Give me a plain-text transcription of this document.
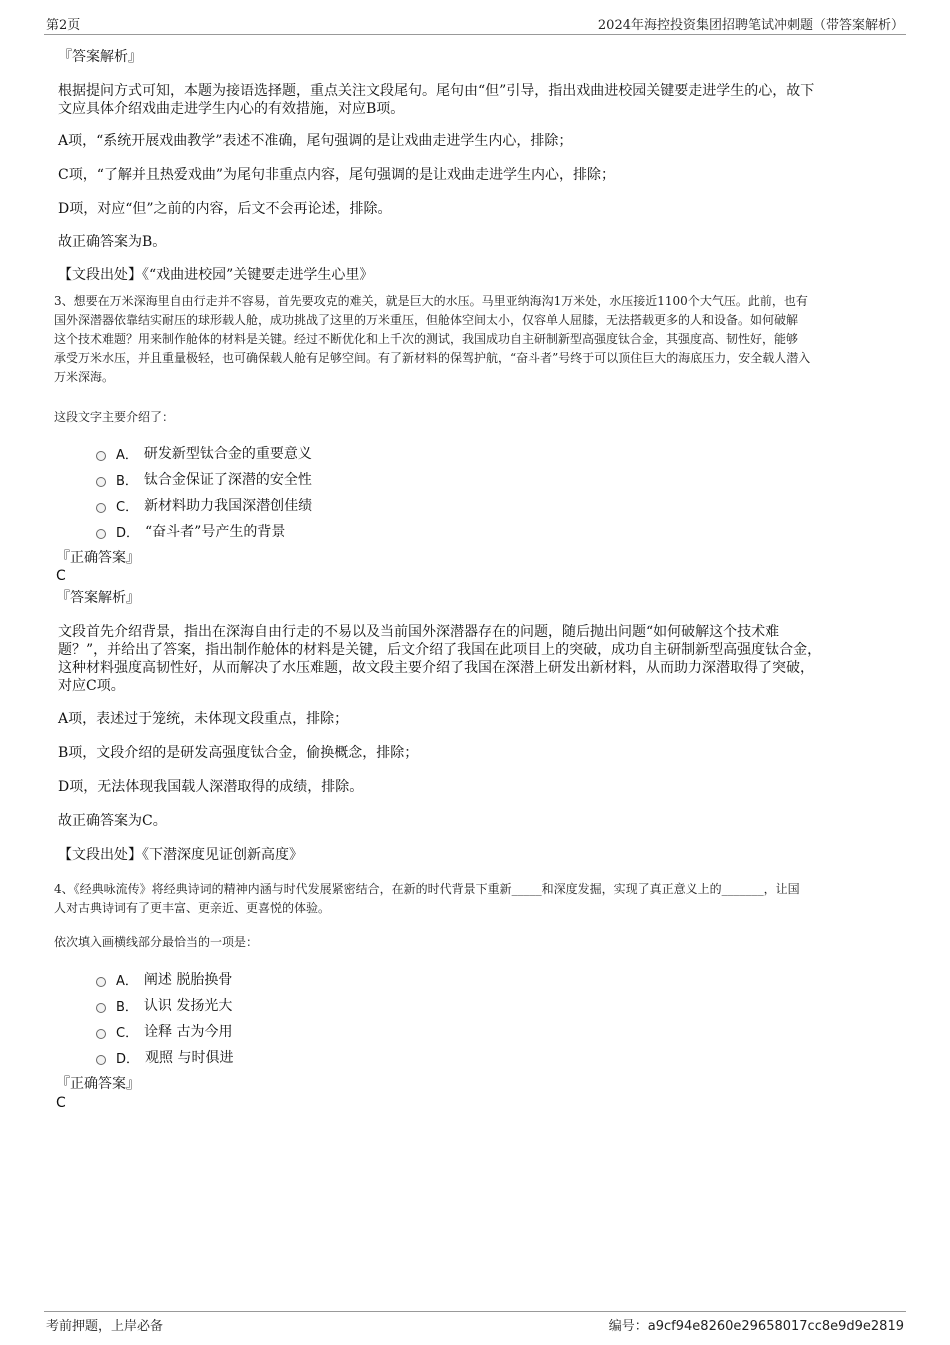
第2页	2024年海控投资集团招聘笔试冲刺题（带答案解析）
『答案解析』
根据提问方式可知，本题为接语选择题，重点关注文段尾句。尾句由“但”引导，指出戏曲进校园关键要走进学生的心，故下
文应具体介绍戏曲走进学生内心的有效措施，对应B项。
A项，“系统开展戏曲教学”表述不准确，尾句强调的是让戏曲走进学生内心，排除；
C项，“了解并且热爱戏曲”为尾句非重点内容，尾句强调的是让戏曲走进学生内心，排除；
D项，对应“但”之前的内容，后文不会再论述，排除。
故正确答案为B。
【文段出处】《“戏曲进校园”关键要走进学生心里》
3、想要在万米深海里自由行走并不容易，首先要攻克的难关，就是巨大的水压。马里亚纳海沟1万米处，水压接近1100个大气压。此前，也有
国外深潜器依靠结实耐压的球形载人舱，成功挑战了这里的万米重压，但舱体空间太小，仅容单人屈膝，无法搭载更多的人和设备。如何破解
这个技术难题？用来制作舱体的材料是关键。经过不断优化和上千次的测试，我国成功自主研制新型高强度钛合金，其强度高、韧性好，能够
承受万米水压，并且重量极轻，也可确保载人舱有足够空间。有了新材料的保驾护航，“奋斗者”号终于可以顶住巨大的海底压力，安全载人潜入
万米深海。
这段文字主要介绍了：
A． 研发新型钛合金的重要意义
B． 钛合金保证了深潜的安全性
C． 新材料助力我国深潜创佳绩
D． “奋斗者”号产生的背景
『正确答案』
C
『答案解析』
文段首先介绍背景，指出在深海自由行走的不易以及当前国外深潜器存在的问题，随后抛出问题“如何破解这个技术难
题？”，并给出了答案，指出制作舱体的材料是关键，后文介绍了我国在此项目上的突破，成功自主研制新型高强度钛合金，
这种材料强度高韧性好，从而解决了水压难题，故文段主要介绍了我国在深潜上研发出新材料，从而助力深潜取得了突破，
对应C项。
A项，表述过于笼统，未体现文段重点，排除；
B项，文段介绍的是研发高强度钛合金，偷换概念，排除；
D项，无法体现我国载人深潜取得的成绩，排除。
故正确答案为C。
【文段出处】《下潜深度见证创新高度》
4、《经典咏流传》将经典诗词的精神内涵与时代发展紧密结合，在新的时代背景下重新_____和深度发掘，实现了真正意义上的_______，让国
人对古典诗词有了更丰富、更亲近、更喜悦的体验。
依次填入画横线部分最恰当的一项是：
A． 阐述 脱胎换骨
B． 认识 发扬光大
C． 诠释 古为今用
D． 观照 与时俱进
『正确答案』
C
考前押题，上岸必备	编号：a9cf94e8260e29658017cc8e9d9e2819
